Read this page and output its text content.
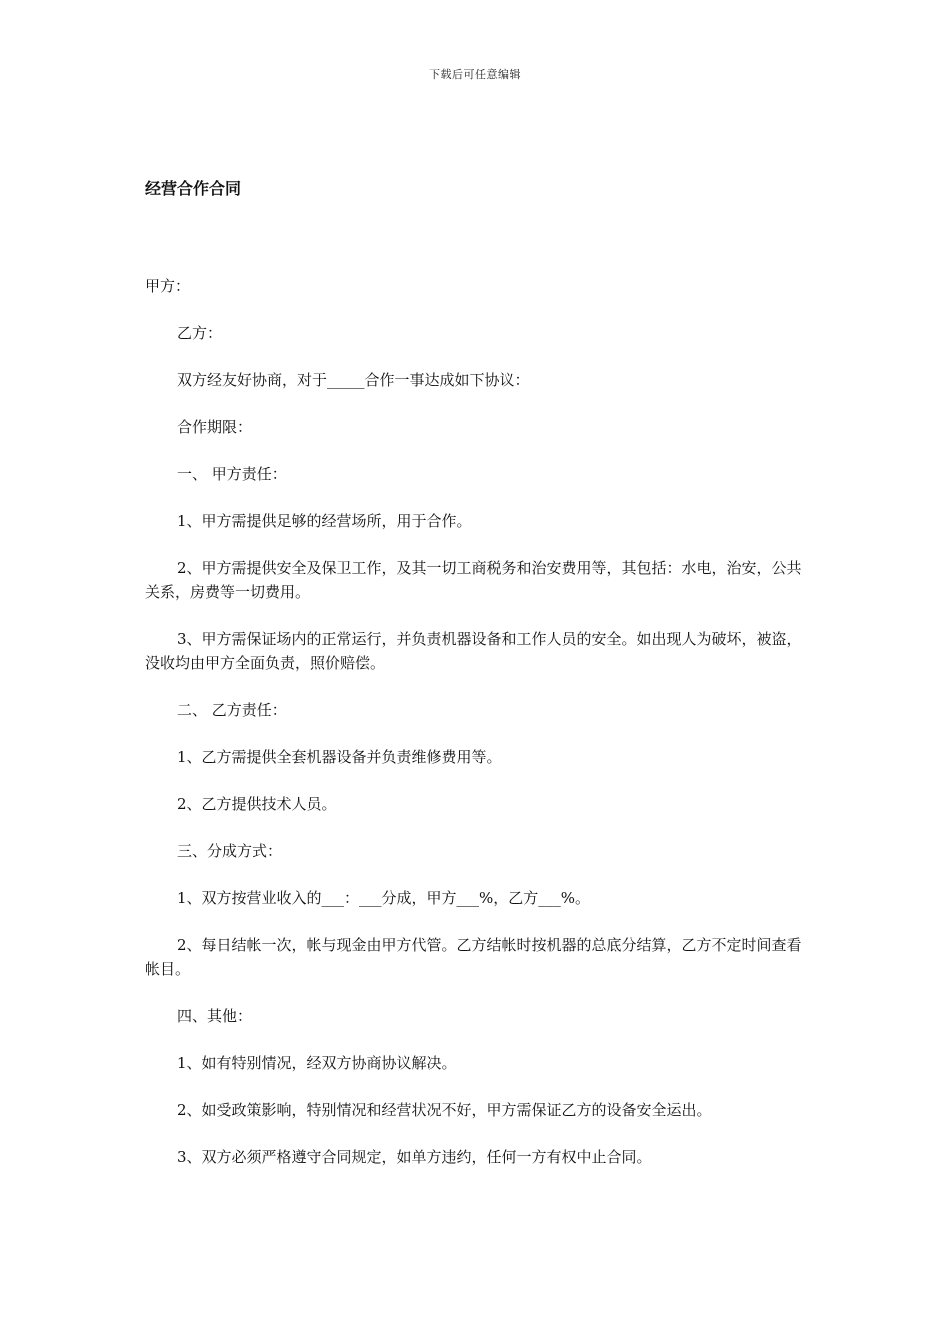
下载后可任意编辑
经营合作合同

甲方：

乙方：

双方经友好协商，对于_____合作一事达成如下协议：

合作期限：

一、 甲方责任：

1、甲方需提供足够的经营场所，用于合作。

2、甲方需提供安全及保卫工作，及其一切工商税务和治安费用等，其包括：水电，治安，公共关系，房费等一切费用。

3、甲方需保证场内的正常运行，并负责机器设备和工作人员的安全。如出现人为破坏，被盗，没收均由甲方全面负责，照价赔偿。

二、 乙方责任：

1、乙方需提供全套机器设备并负责维修费用等。

2、乙方提供技术人员。

三、分成方式：

1、双方按营业收入的___：___分成，甲方___%，乙方___%。

2、每日结帐一次，帐与现金由甲方代管。乙方结帐时按机器的总底分结算，乙方不定时间查看帐目。

四、其他：

1、如有特别情况，经双方协商协议解决。

2、如受政策影响，特别情况和经营状况不好，甲方需保证乙方的设备安全运出。

3、双方必须严格遵守合同规定，如单方违约，任何一方有权中止合同。
